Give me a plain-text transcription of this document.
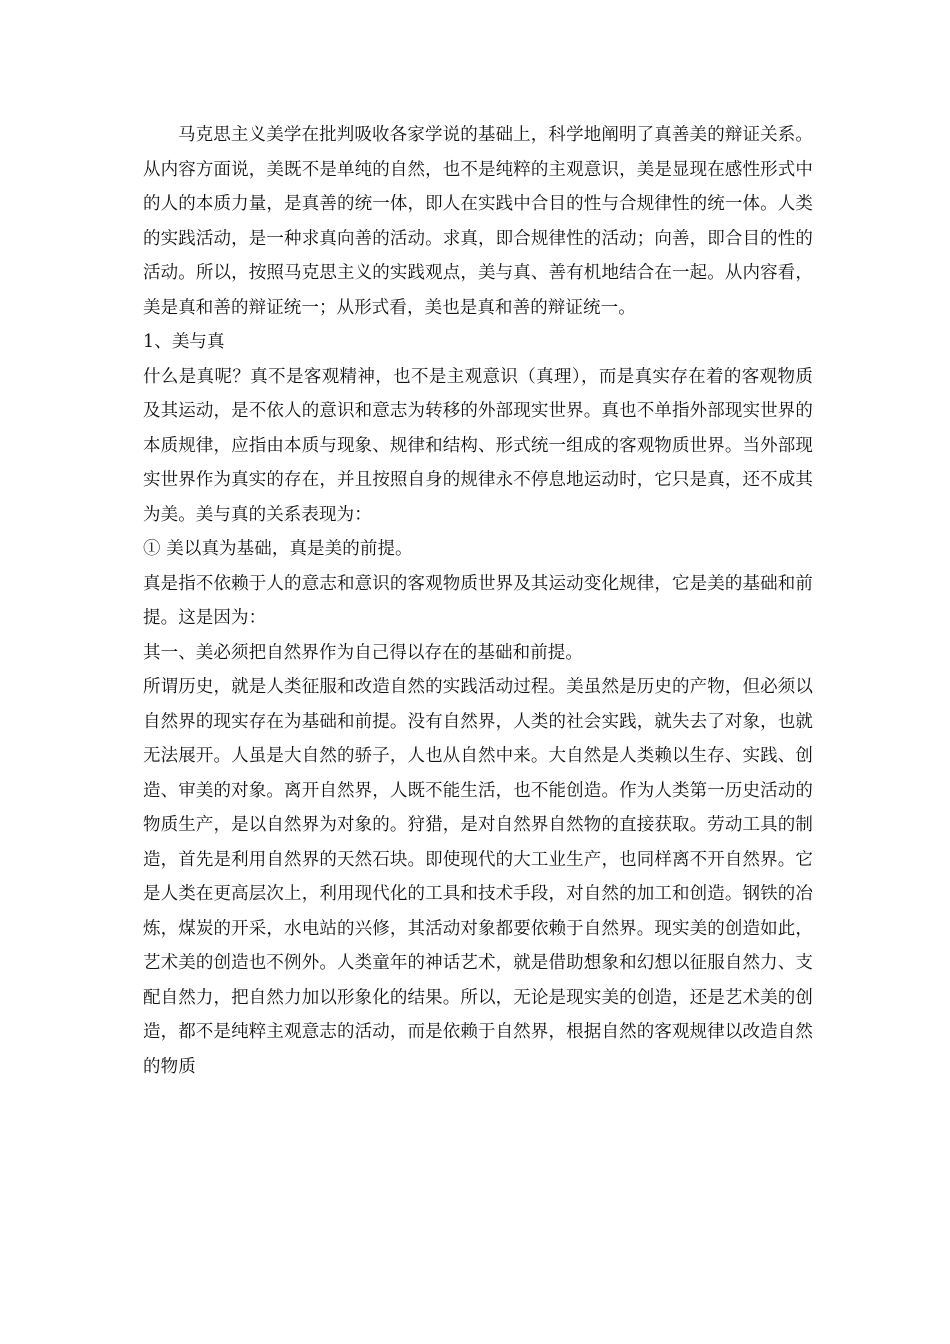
马克思主义美学在批判吸收各家学说的基础上，科学地阐明了真善美的辩证关系。从内容方面说，美既不是单纯的自然，也不是纯粹的主观意识，美是显现在感性形式中的人的本质力量，是真善的统一体，即人在实践中合目的性与合规律性的统一体。人类的实践活动，是一种求真向善的活动。求真，即合规律性的活动；向善，即合目的性的活动。所以，按照马克思主义的实践观点，美与真、善有机地结合在一起。从内容看，美是真和善的辩证统一；从形式看，美也是真和善的辩证统一。

1、美与真

什么是真呢？真不是客观精神，也不是主观意识（真理），而是真实存在着的客观物质及其运动，是不依人的意识和意志为转移的外部现实世界。真也不单指外部现实世界的本质规律，应指由本质与现象、规律和结构、形式统一组成的客观物质世界。当外部现实世界作为真实的存在，并且按照自身的规律永不停息地运动时，它只是真，还不成其为美。美与真的关系表现为：

① 美以真为基础，真是美的前提。

真是指不依赖于人的意志和意识的客观物质世界及其运动变化规律，它是美的基础和前提。这是因为：

其一、美必须把自然界作为自己得以存在的基础和前提。

所谓历史，就是人类征服和改造自然的实践活动过程。美虽然是历史的产物，但必须以自然界的现实存在为基础和前提。没有自然界，人类的社会实践，就失去了对象，也就无法展开。人虽是大自然的骄子，人也从自然中来。大自然是人类赖以生存、实践、创造、审美的对象。离开自然界，人既不能生活，也不能创造。作为人类第一历史活动的物质生产，是以自然界为对象的。狩猎，是对自然界自然物的直接获取。劳动工具的制造，首先是利用自然界的天然石块。即使现代的大工业生产，也同样离不开自然界。它是人类在更高层次上，利用现代化的工具和技术手段，对自然的加工和创造。钢铁的冶炼，煤炭的开采，水电站的兴修，其活动对象都要依赖于自然界。现实美的创造如此，艺术美的创造也不例外。人类童年的神话艺术，就是借助想象和幻想以征服自然力、支配自然力，把自然力加以形象化的结果。所以，无论是现实美的创造，还是艺术美的创造，都不是纯粹主观意志的活动，而是依赖于自然界，根据自然的客观规律以改造自然的物质
